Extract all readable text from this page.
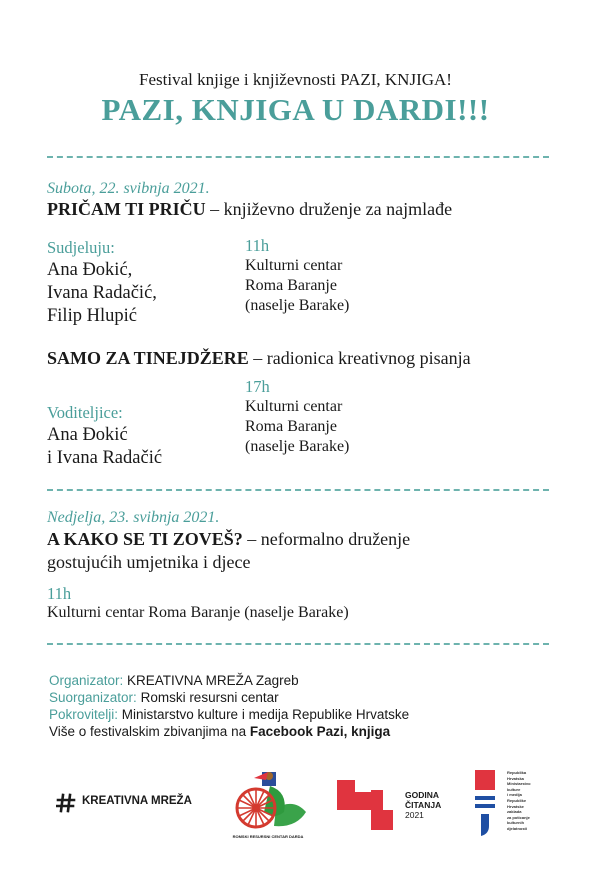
Festival knjige i književnosti PAZI, KNJIGA!
PAZI, KNJIGA U DARDI!!!
Subota, 22. svibnja 2021.
PRIČAM TI PRIČU – književno druženje za najmlađe
Sudjeluju:
Ana Đokić,
Ivana Radačić,
Filip Hlupić
11h
Kulturni centar
Roma Baranje
(naselje Barake)
SAMO ZA TINEJDŽERE – radionica kreativnog pisanja
17h
Kulturni centar
Roma Baranje
(naselje Barake)
Voditeljice:
Ana Đokić
i Ivana Radačić
Nedjelja, 23. svibnja 2021.
A KAKO SE TI ZOVEŠ? – neformalno druženje
gostujućih umjetnika i djece
11h
Kulturni centar Roma Baranje (naselje Barake)
Organizator: KREATIVNA MREŽA Zagreb
Suorganizator: Romski resursni centar
Pokrovitelji: Ministarstvo kulture i medija Republike Hrvatske
Više o festivalskim zbivanjima na Facebook Pazi, knjiga
KREATIVNA MREŽA
ROMSKI RESURSNI CENTAR DARDA
GODINA
ČITANJA
2021
Republika
Hrvatska
Ministarstvo
kulture
i medija
Republike
Hrvatske
zaklada
za poticanje
kulturnih
djelatnosti
